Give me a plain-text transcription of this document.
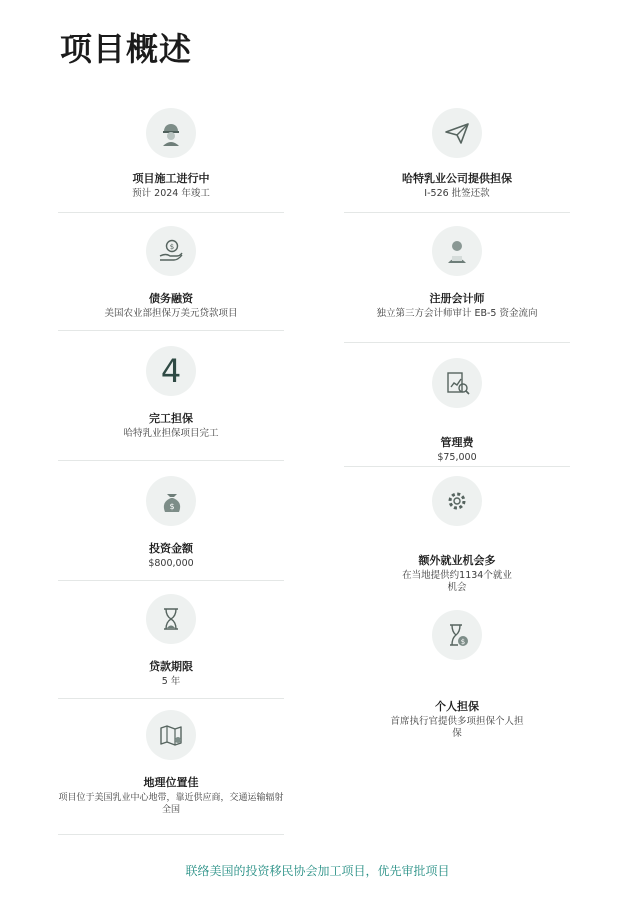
项目概述
项目施工进行中
预计 2024 年竣工
哈特乳业公司提供担保
I-526 批签还款
$
债务融资
美国农业部担保万美元贷款项目
注册会计师
独立第三方会计师审计 EB-5 资金流向
4
完工担保
哈特乳业担保项目完工
管理费
$75,000
$
投资金额
$800,000	额外就业机会多
在当地提供约1134个就业机会
贷款期限
5 年
$
个人担保
首席执行官提供多项担保个人担保
地理位置佳
项目位于美国乳业中心地带，靠近供应商，交通运输辐射全国
联络美国的投资移民协会加工项目，优先审批项目
